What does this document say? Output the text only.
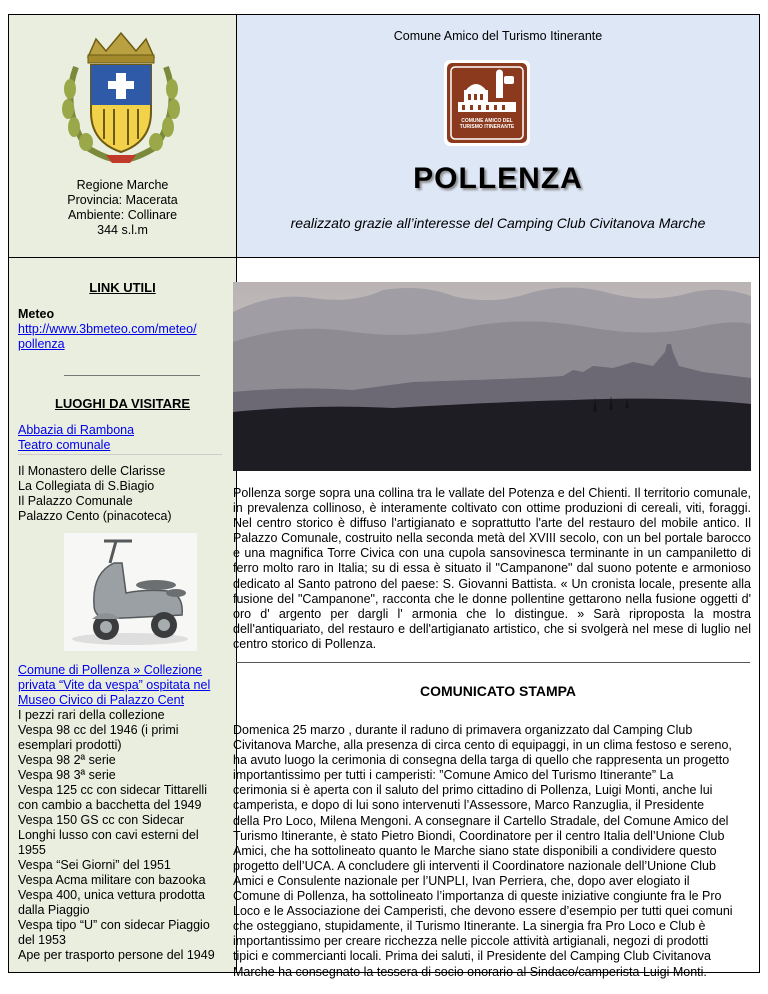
Regione Marche
Provincia: Macerata
Ambiente: Collinare
344 s.l.m
Comune Amico del Turismo Itinerante
COMUNE AMICO DEL
TURISMO ITINERANTE
POLLENZA
realizzato grazie all’interesse del Camping Club Civitanova Marche
LINK UTILI
Meteo
http://www.3bmeteo.com/meteo/
pollenza
LUOGHI DA VISITARE
Abbazia di Rambona
Teatro comunale
Il Monastero delle Clarisse
La Collegiata di S.Biagio
Il Palazzo Comunale
Palazzo Cento (pinacoteca)
Comune di Pollenza » Collezione
privata “Vite da vespa” ospitata nel
Museo Civico di Palazzo Cent
I pezzi rari della collezione
Vespa 98 cc del 1946 (i primi
esemplari prodotti)
Vespa 98 2ª serie
Vespa 98 3ª serie
Vespa 125 cc con sidecar Tittarelli
con cambio a bacchetta del 1949
Vespa 150 GS cc con Sidecar
Longhi lusso con cavi esterni del
1955
Vespa “Sei Giorni” del 1951
Vespa Acma militare con bazooka
Vespa 400, unica vettura prodotta
dalla Piaggio
Vespa tipo “U” con sidecar Piaggio
del 1953
Ape per trasporto persone del 1949
Pollenza sorge sopra una collina tra le vallate del Potenza e del Chienti. Il territorio comunale, in prevalenza collinoso, è interamente coltivato con ottime produzioni di cereali, viti, foraggi. Nel centro storico è diffuso l'artigianato e soprattutto l'arte del restauro del mobile antico. Il Palazzo Comunale, costruito nella seconda metà del XVIII secolo, con un bel portale barocco e una magnifica Torre Civica con una cupola sansovinesca terminante in un campaniletto di ferro molto raro in Italia; su di essa è situato il "Campanone" dal suono potente e armonioso dedicato al Santo patrono del paese: S. Giovanni Battista. « Un cronista locale, presente alla fusione del "Campanone", racconta che le donne pollentine gettarono nella fusione oggetti d' oro d' argento per dargli l' armonia che lo distingue. » Sarà riproposta la mostra dell'antiquariato, del restauro e dell'artigianato artistico, che si svolgerà nel mese di luglio nel centro storico di Pollenza.
COMUNICATO STAMPA
Domenica 25 marzo , durante il raduno di primavera organizzato dal Camping Club
Civitanova Marche, alla presenza di circa cento di equipaggi, in un clima festoso e sereno,
ha avuto luogo la cerimonia di consegna della targa di quello che rappresenta un progetto
importantissimo per tutti i camperisti: ”Comune Amico del Turismo Itinerante” La
cerimonia si è aperta con il saluto del primo cittadino di Pollenza, Luigi Monti, anche lui
camperista, e dopo di lui sono intervenuti l’Assessore, Marco Ranzuglia, il Presidente
della Pro Loco, Milena Mengoni. A consegnare il Cartello Stradale, del Comune Amico del
Turismo Itinerante, è stato Pietro Biondi, Coordinatore per il centro Italia dell’Unione Club
Amici, che ha sottolineato quanto le Marche siano state disponibili a condividere questo
progetto dell’UCA. A concludere gli interventi il Coordinatore nazionale dell’Unione Club
Amici e Consulente nazionale per l’UNPLI, Ivan Perriera, che, dopo aver elogiato il
Comune di Pollenza, ha sottolineato l’importanza di queste iniziative congiunte fra le Pro
Loco e le Associazione dei Camperisti, che devono essere d’esempio per tutti quei comuni
che osteggiano, stupidamente, il Turismo Itinerante. La sinergia fra Pro Loco e Club è
importantissimo per creare ricchezza nelle piccole attività artigianali, negozi di prodotti
tipici e commercianti locali. Prima dei saluti, il Presidente del Camping Club Civitanova
Marche ha consegnato la tessera di socio onorario al Sindaco/camperista Luigi Monti.
